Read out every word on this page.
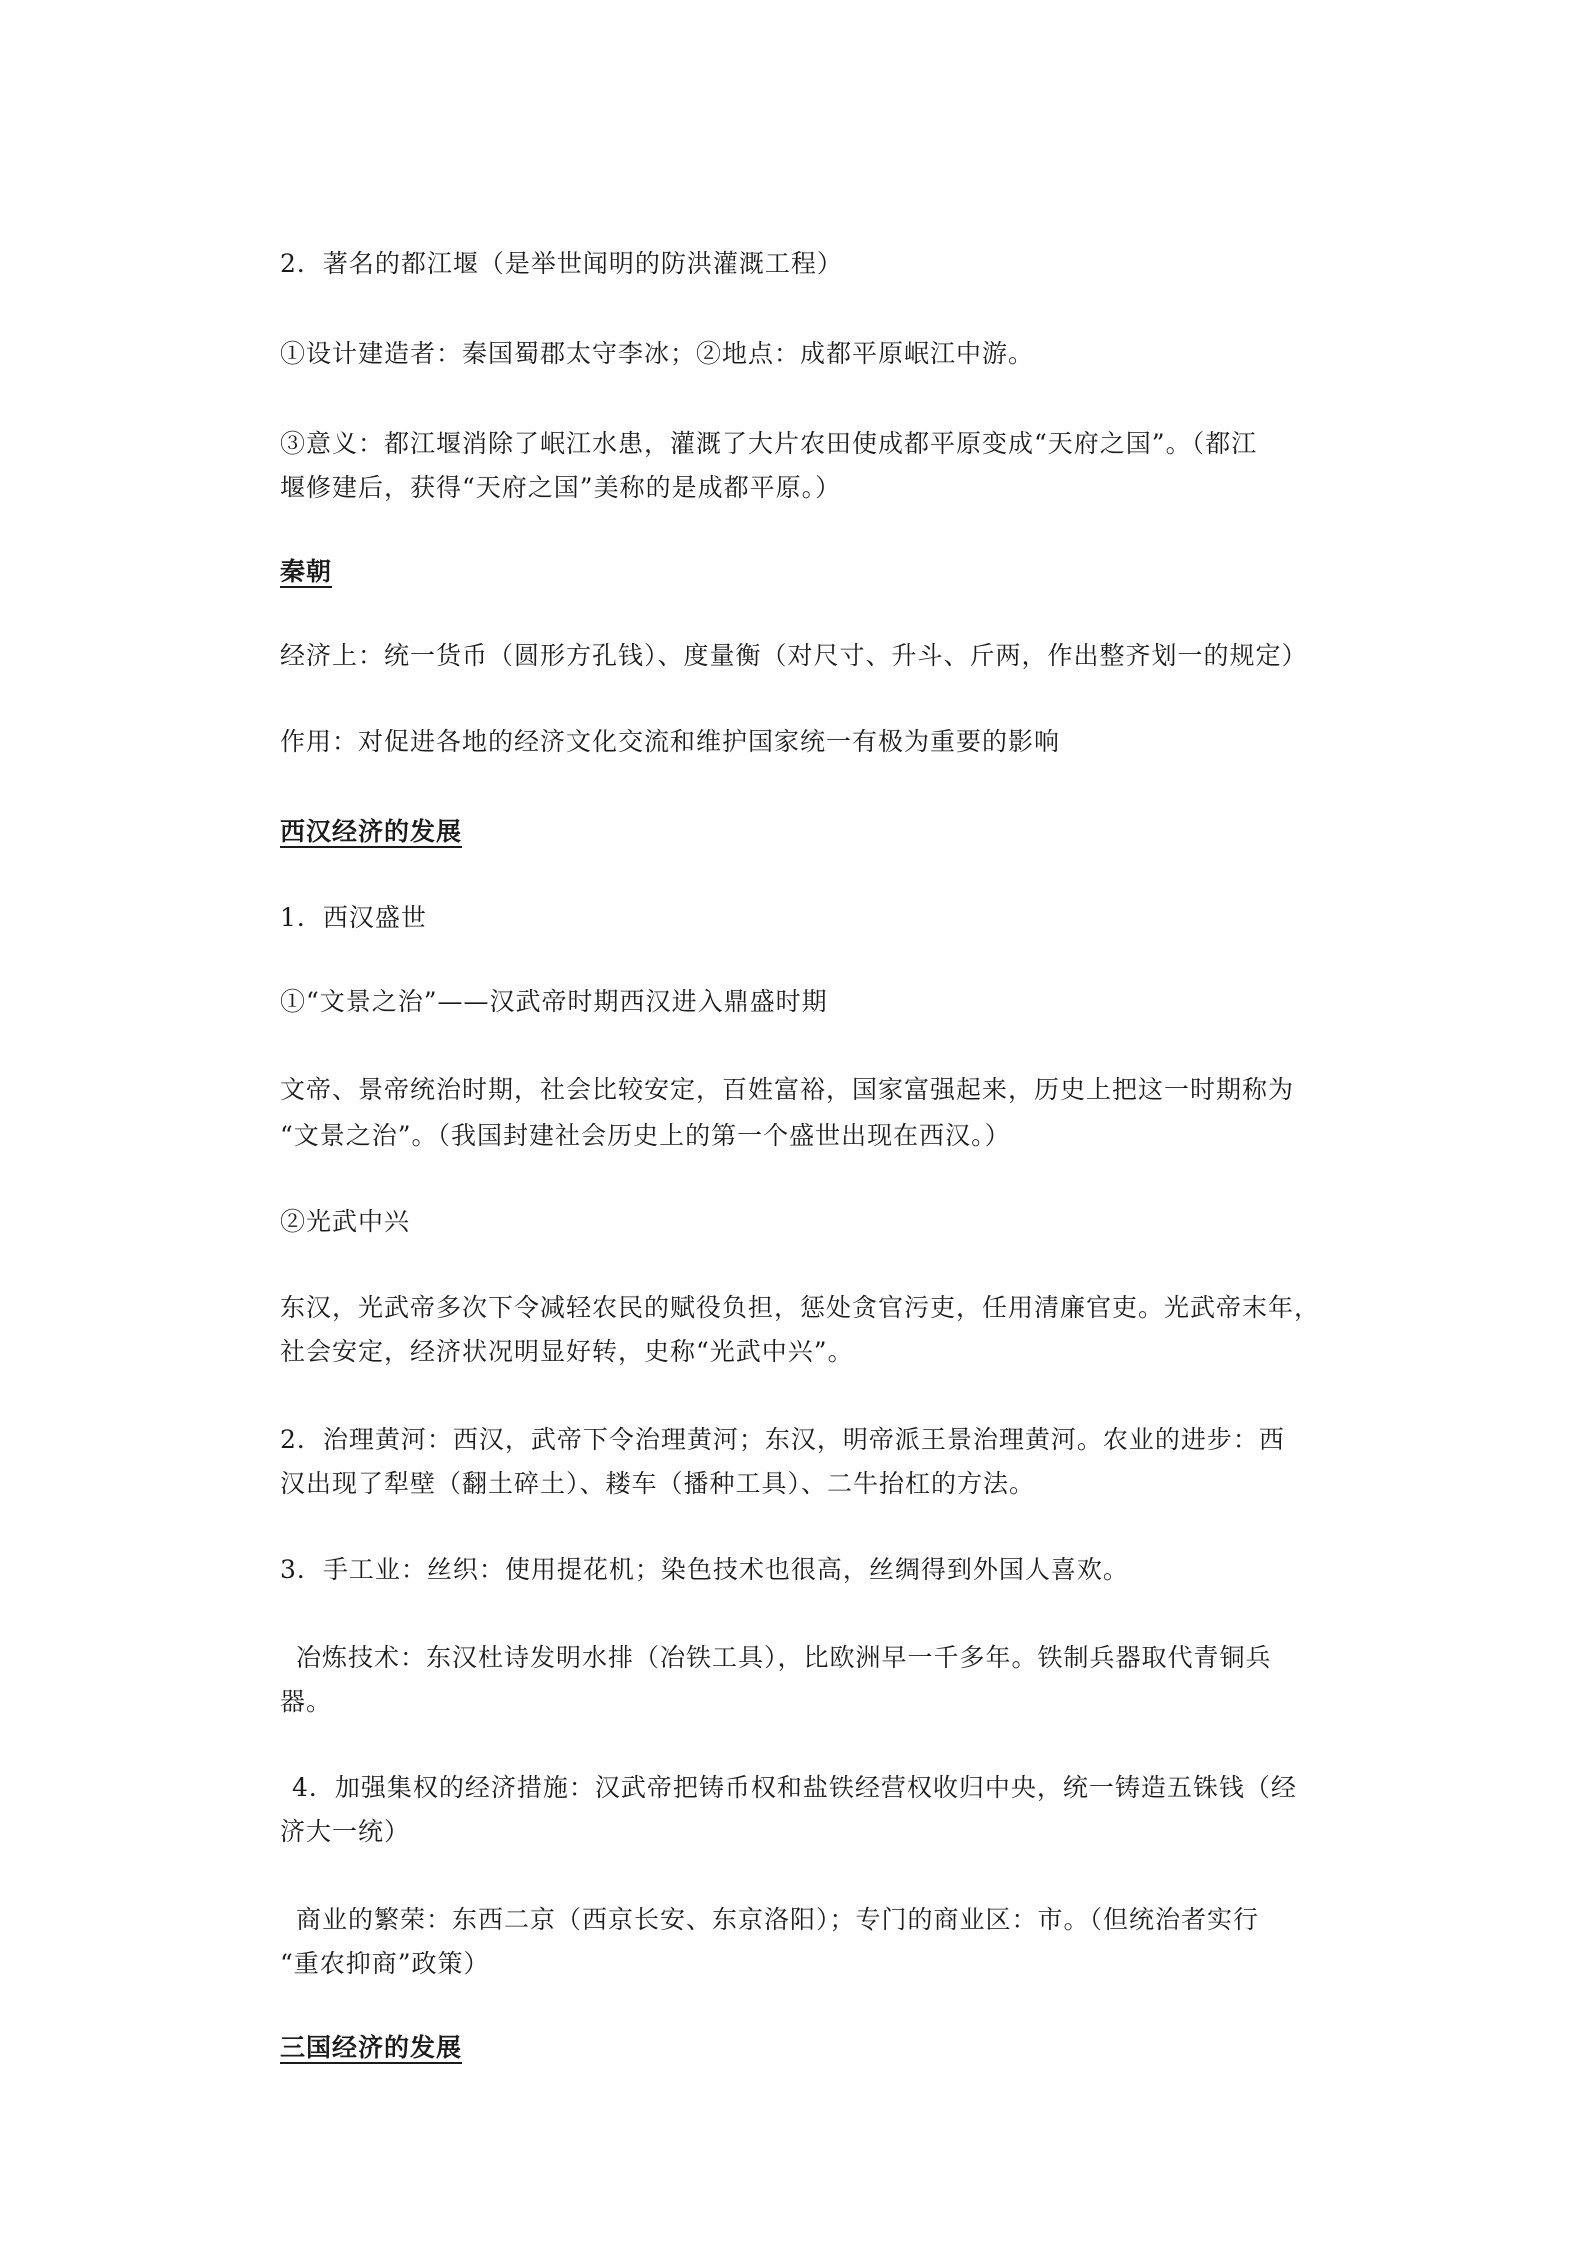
2．著名的都江堰（是举世闻明的防洪灌溉工程）
①设计建造者：秦国蜀郡太守李冰；②地点：成都平原岷江中游。
③意义：都江堰消除了岷江水患，灌溉了大片农田使成都平原变成“天府之国”。（都江
堰修建后，获得“天府之国”美称的是成都平原。）
秦朝
经济上：统一货币（圆形方孔钱）、度量衡（对尺寸、升斗、斤两，作出整齐划一的规定）
作用：对促进各地的经济文化交流和维护国家统一有极为重要的影响
西汉经济的发展
1．西汉盛世
①“文景之治”——汉武帝时期西汉进入鼎盛时期
文帝、景帝统治时期，社会比较安定，百姓富裕，国家富强起来，历史上把这一时期称为
“文景之治”。（我国封建社会历史上的第一个盛世出现在西汉。）
②光武中兴
东汉，光武帝多次下令减轻农民的赋役负担，惩处贪官污吏，任用清廉官吏。光武帝末年，
社会安定，经济状况明显好转，史称“光武中兴”。
2．治理黄河：西汉，武帝下令治理黄河；东汉，明帝派王景治理黄河。农业的进步：西
汉出现了犁壁（翻土碎土）、耧车（播种工具）、二牛抬杠的方法。
3．手工业：丝织：使用提花机；染色技术也很高，丝绸得到外国人喜欢。
冶炼技术：东汉杜诗发明水排（冶铁工具），比欧洲早一千多年。铁制兵器取代青铜兵
器。
4．加强集权的经济措施：汉武帝把铸币权和盐铁经营权收归中央，统一铸造五铢钱（经
济大一统）
商业的繁荣：东西二京（西京长安、东京洛阳）；专门的商业区：市。（但统治者实行
“重农抑商”政策）
三国经济的发展
